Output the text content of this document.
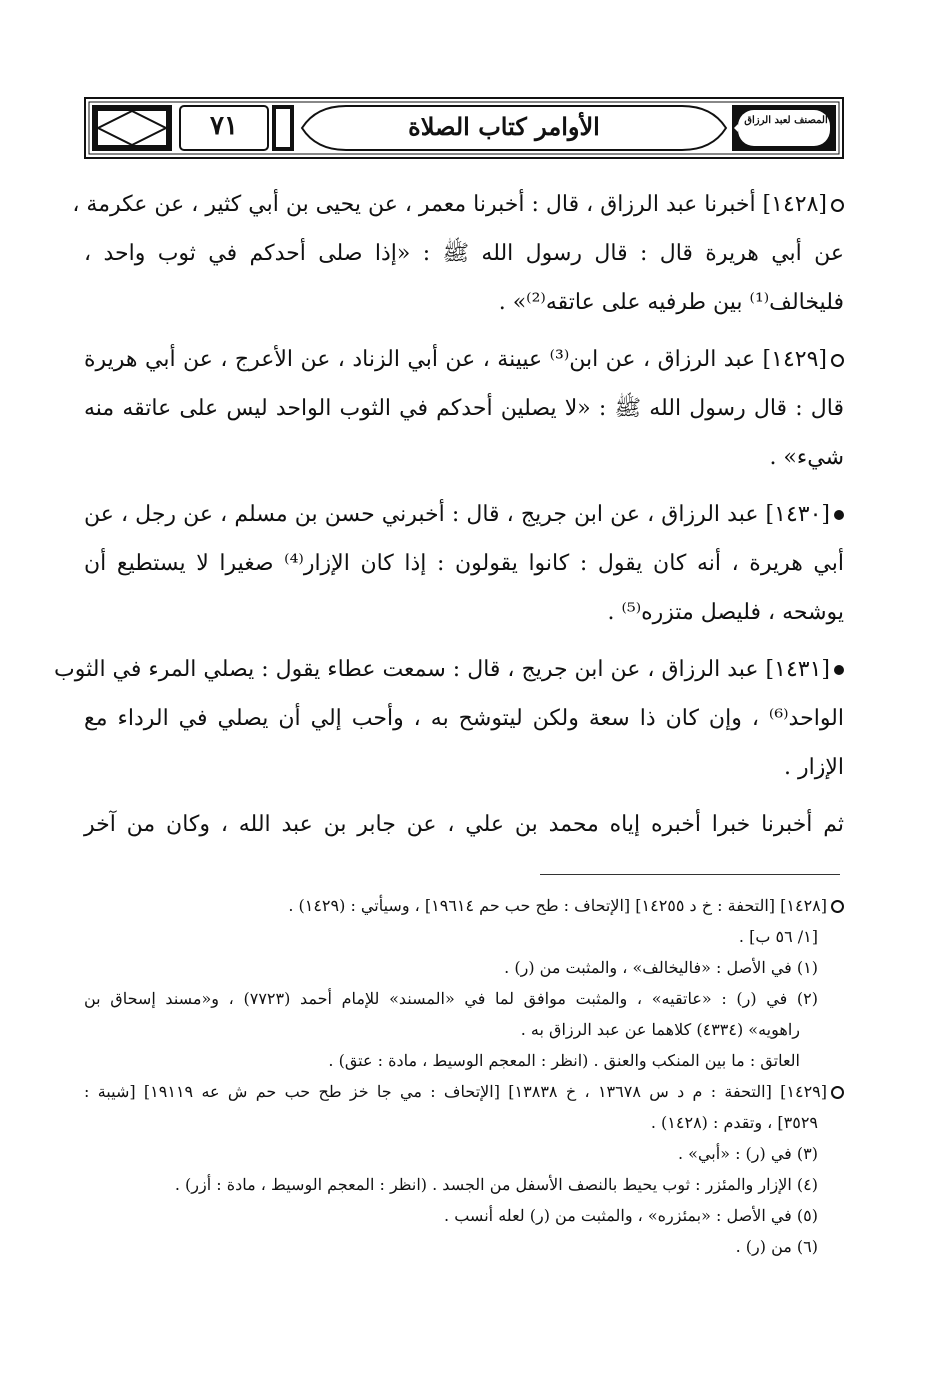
٧١	الأوامر كتاب الصلاة	المصنف لعبد الرزاق
[١٤٢٨] أخبرنا عبد الرزاق ، قال : أخبرنا معمر ، عن يحيى بن أبي كثير ، عن عكرمة ،
عن أبي هريرة قال : قال رسول الله ﷺ : «إذا صلى أحدكم في ثوب واحد ،
فليخالف⁽¹⁾ بين طرفيه على عاتقه⁽²⁾» .
[١٤٢٩] عبد الرزاق ، عن ابن⁽³⁾ عيينة ، عن أبي الزناد ، عن الأعرج ، عن أبي هريرة
قال : قال رسول الله ﷺ : «لا يصلين أحدكم في الثوب الواحد ليس على عاتقه منه
شيء» .
[١٤٣٠] عبد الرزاق ، عن ابن جريج ، قال : أخبرني حسن بن مسلم ، عن رجل ، عن
أبي هريرة ، أنه كان يقول : كانوا يقولون : إذا كان الإزار⁽⁴⁾ صغيرا لا يستطيع أن
يوشحه ، فليصل متزره⁽⁵⁾ .
[١٤٣١] عبد الرزاق ، عن ابن جريج ، قال : سمعت عطاء يقول : يصلي المرء في الثوب
الواحد⁽⁶⁾ ، وإن كان ذا سعة ولكن ليتوشح به ، وأحب إلي أن يصلي في الرداء مع
الإزار .
ثم أخبرنا خبرا أخبره إياه محمد بن علي ، عن جابر بن عبد الله ، وكان من آخر
[١٤٢٨] [التحفة : خ د ١٤٢٥٥] [الإتحاف : طح حب حم ١٩٦١٤] ، وسيأتي : (١٤٢٩) .
[١/ ٥٦ ب] .
(١) في الأصل : «فاليخالف» ، والمثبت من (ر) .
(٢) في (ر) : «عاتقيه» ، والمثبت موافق لما في «المسند» للإمام أحمد (٧٧٢٣) ، و«مسند إسحاق بن
راهويه» (٤٣٣٤) كلاهما عن عبد الرزاق به .
العاتق : ما بين المنكب والعنق . (انظر : المعجم الوسيط ، مادة : عتق) .
[١٤٢٩] [التحفة : م د س ١٣٦٧٨ ، خ ١٣٨٣٨] [الإتحاف : مي جا خز طح حب حم ش عه ١٩١١٩] [شيبة :
٣٥٢٩] ، وتقدم : (١٤٢٨) .
(٣) في (ر) : «أبي» .
(٤) الإزار والمئزر : ثوب يحيط بالنصف الأسفل من الجسد . (انظر : المعجم الوسيط ، مادة : أزر) .
(٥) في الأصل : «بمئزره» ، والمثبت من (ر) لعله أنسب .
(٦) من (ر) .
